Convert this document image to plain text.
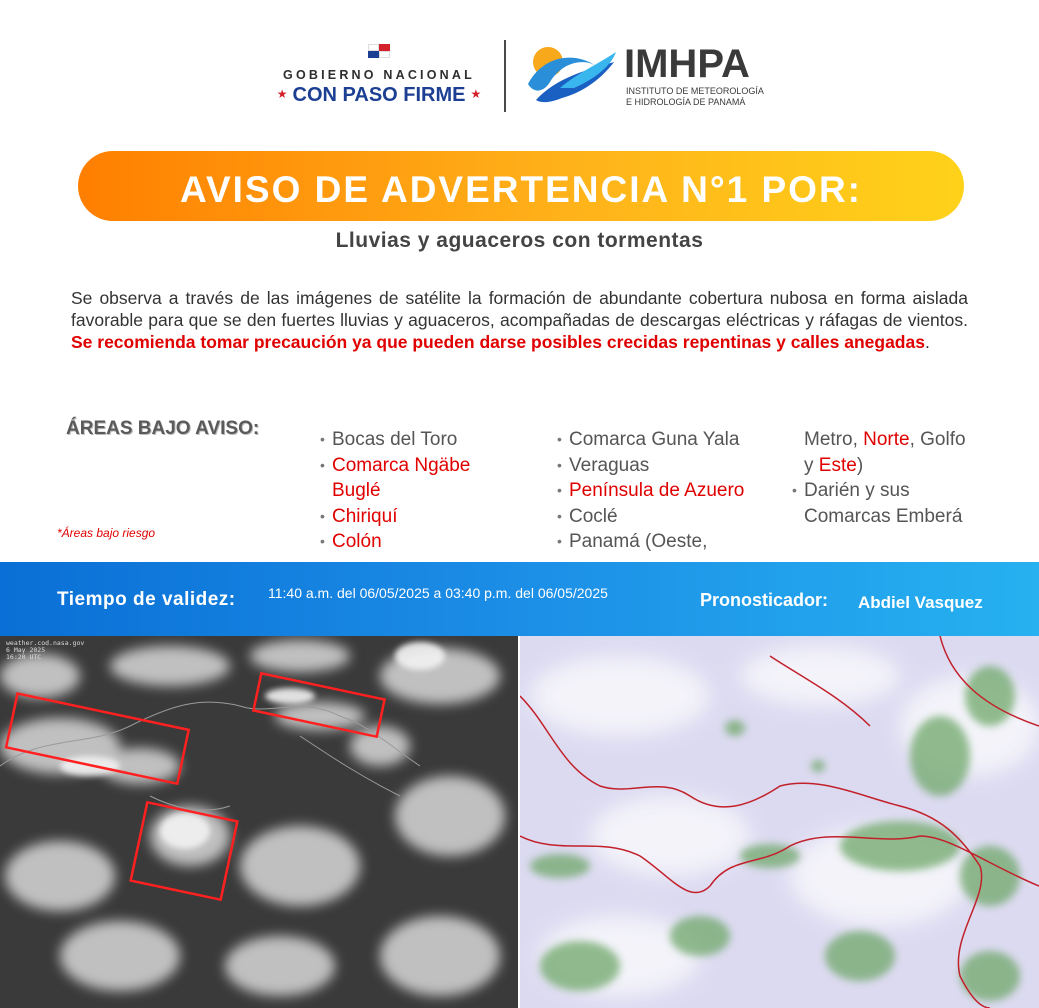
GOBIERNO NACIONAL
★ CON PASO FIRME ★
IMHPA
INSTITUTO DE METEOROLOGÍA
E HIDROLOGÍA DE PANAMÁ
AVISO DE ADVERTENCIA N°1 POR:
Lluvias y aguaceros con tormentas
Se observa a través de las imágenes de satélite la formación de abundante cobertura nubosa en forma aislada favorable para que se den fuertes lluvias y aguaceros, acompañadas de descargas eléctricas y ráfagas de vientos. Se recomienda tomar precaución ya que pueden darse posibles crecidas repentinas y calles anegadas.
ÁREAS BAJO AVISO:
*Áreas bajo riesgo
• Bocas del Toro
• Comarca Ngäbe
Buglé
• Chiriquí
• Colón
• Comarca Guna Yala
• Veraguas
• Península de Azuero
• Coclé
• Panamá (Oeste,
Metro, Norte, Golfo
y Este)
• Darién y sus
Comarcas Emberá
Tiempo de validez: 11:40 a.m. del 06/05/2025 a 03:40 p.m. del 06/05/2025	Pronosticador: Abdiel Vasquez
weather.cod.nasa.gov
6 May 2025
16:20 UTC
